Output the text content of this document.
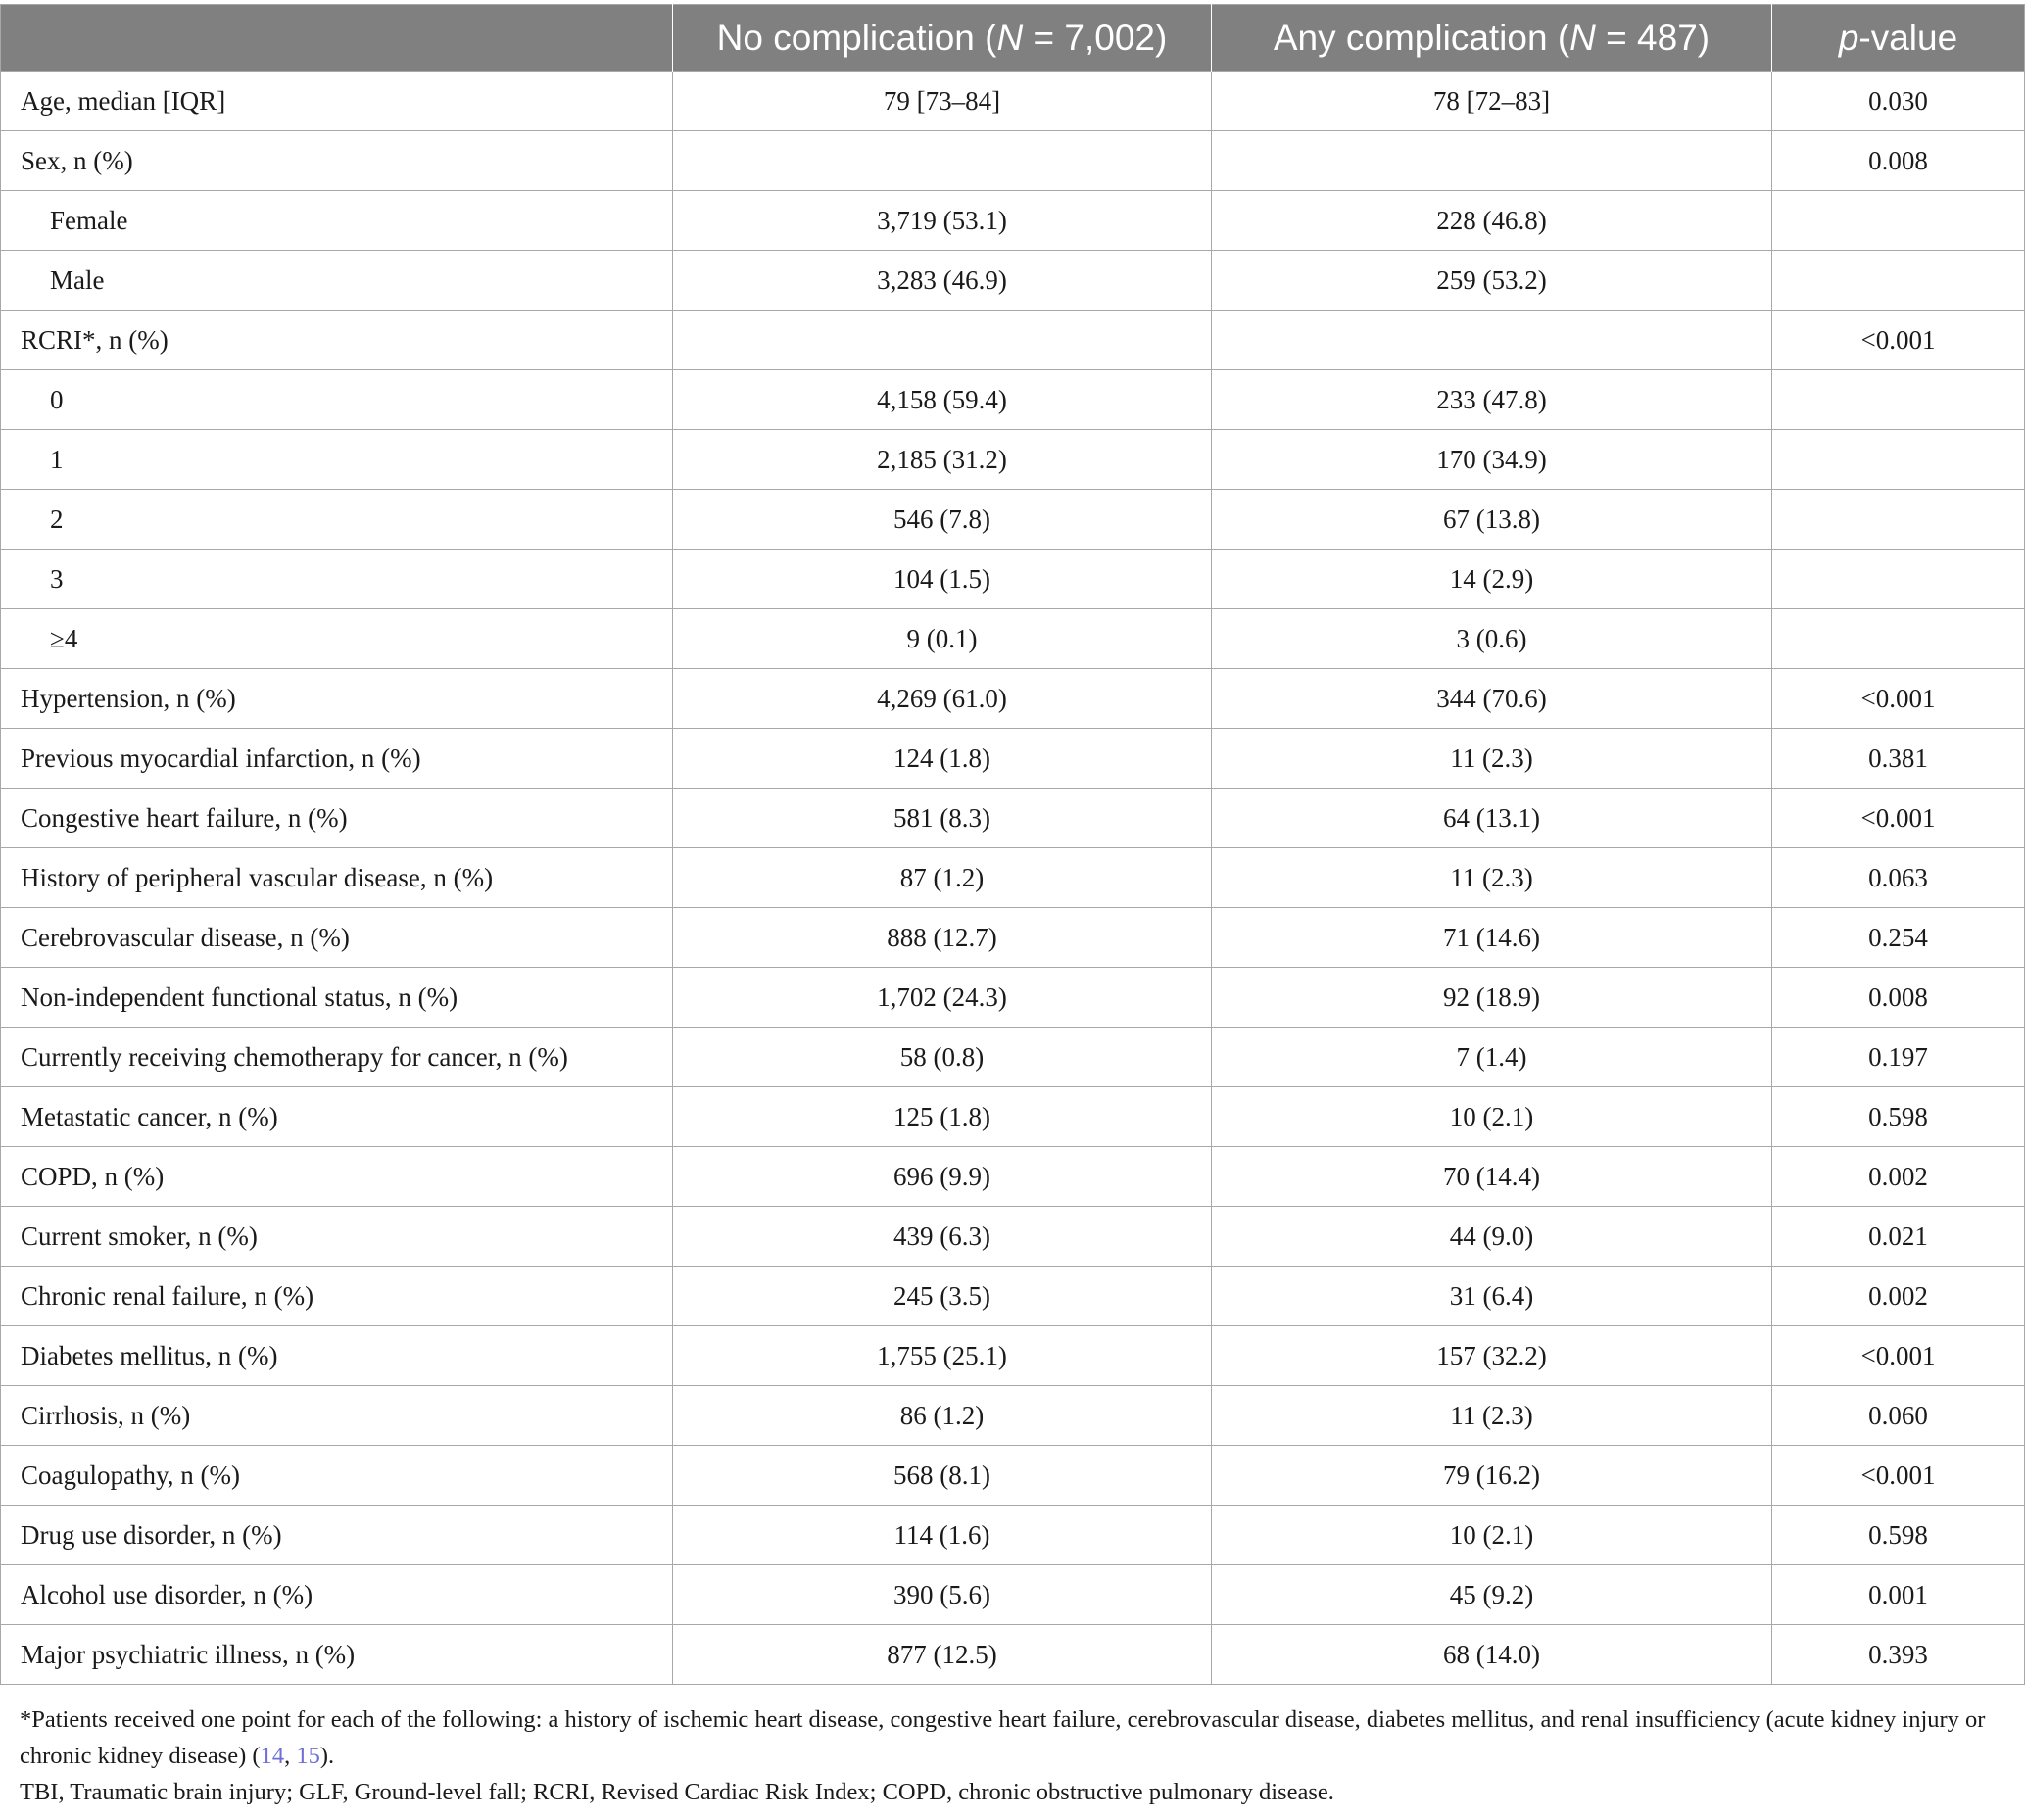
	No complication (N = 7,002)	Any complication (N = 487)	p-value
Age, median [IQR]	79 [73–84]	78 [72–83]	0.030
Sex, n (%)			0.008
Female	3,719 (53.1)	228 (46.8)	
Male	3,283 (46.9)	259 (53.2)	
RCRI*, n (%)			<0.001
0	4,158 (59.4)	233 (47.8)	
1	2,185 (31.2)	170 (34.9)	
2	546 (7.8)	67 (13.8)	
3	104 (1.5)	14 (2.9)	
≥4	9 (0.1)	3 (0.6)	
Hypertension, n (%)	4,269 (61.0)	344 (70.6)	<0.001
Previous myocardial infarction, n (%)	124 (1.8)	11 (2.3)	0.381
Congestive heart failure, n (%)	581 (8.3)	64 (13.1)	<0.001
History of peripheral vascular disease, n (%)	87 (1.2)	11 (2.3)	0.063
Cerebrovascular disease, n (%)	888 (12.7)	71 (14.6)	0.254
Non-independent functional status, n (%)	1,702 (24.3)	92 (18.9)	0.008
Currently receiving chemotherapy for cancer, n (%)	58 (0.8)	7 (1.4)	0.197
Metastatic cancer, n (%)	125 (1.8)	10 (2.1)	0.598
COPD, n (%)	696 (9.9)	70 (14.4)	0.002
Current smoker, n (%)	439 (6.3)	44 (9.0)	0.021
Chronic renal failure, n (%)	245 (3.5)	31 (6.4)	0.002
Diabetes mellitus, n (%)	1,755 (25.1)	157 (32.2)	<0.001
Cirrhosis, n (%)	86 (1.2)	11 (2.3)	0.060
Coagulopathy, n (%)	568 (8.1)	79 (16.2)	<0.001
Drug use disorder, n (%)	114 (1.6)	10 (2.1)	0.598
Alcohol use disorder, n (%)	390 (5.6)	45 (9.2)	0.001
Major psychiatric illness, n (%)	877 (12.5)	68 (14.0)	0.393

*Patients received one point for each of the following: a history of ischemic heart disease, congestive heart failure, cerebrovascular disease, diabetes mellitus, and renal insufficiency (acute kidney injury or chronic kidney disease) (14, 15).

TBI, Traumatic brain injury; GLF, Ground-level fall; RCRI, Revised Cardiac Risk Index; COPD, chronic obstructive pulmonary disease.
